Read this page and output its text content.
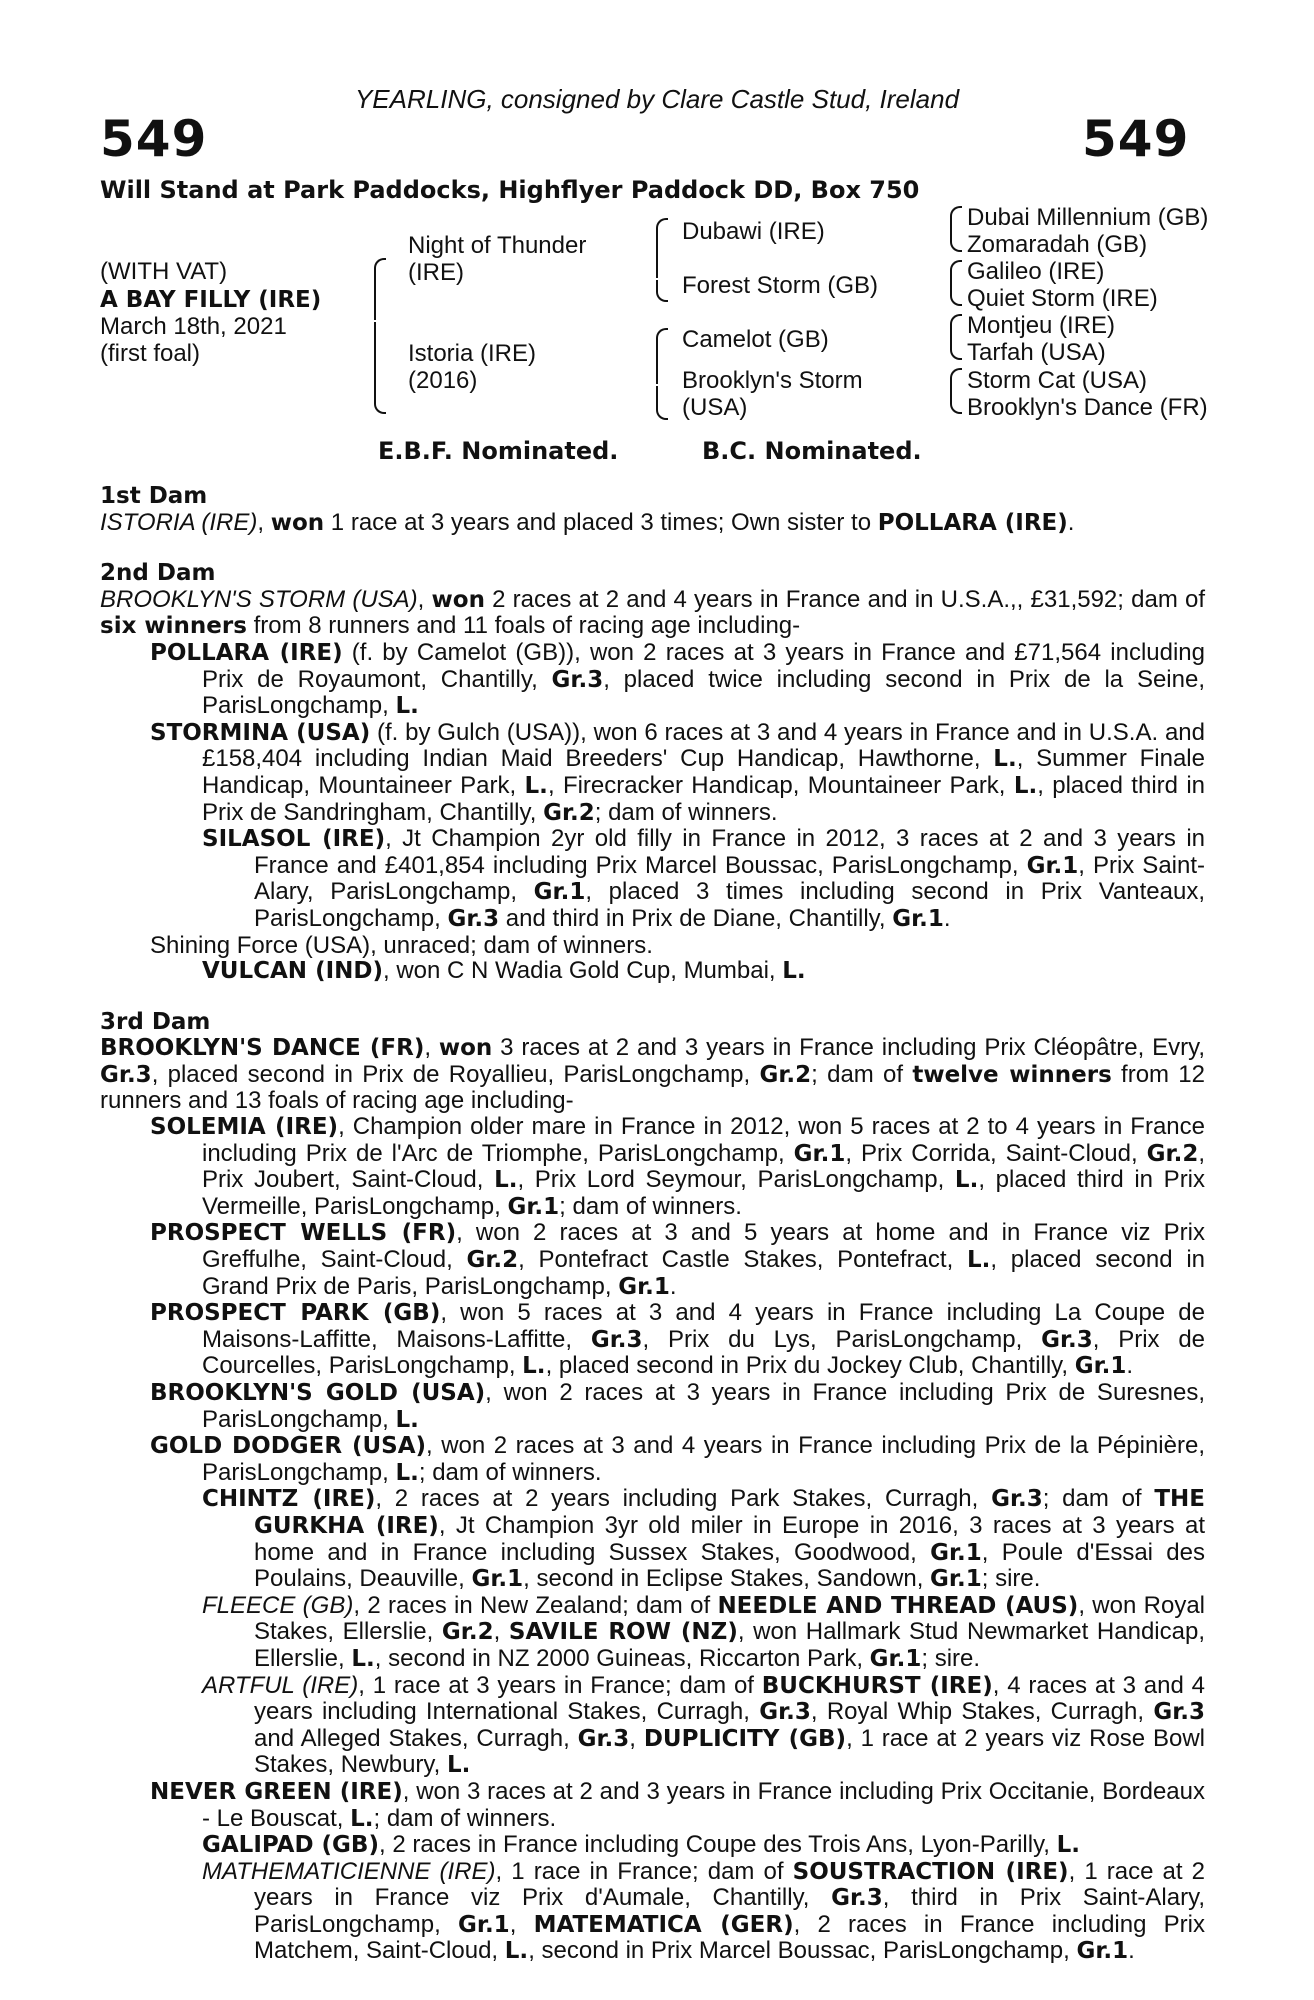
YEARLING, consigned by Clare Castle Stud, Ireland
549	549
Will Stand at Park Paddocks, Highflyer Paddock DD, Box 750
(WITH VAT)
A BAY FILLY (IRE)
March 18th, 2021
(first foal)
Night of Thunder
(IRE)
Istoria (IRE)
(2016)
Dubawi (IRE)
Forest Storm (GB)
Camelot (GB)
Brooklyn's Storm
(USA)
Dubai Millennium (GB)
Zomaradah (GB)
Galileo (IRE)
Quiet Storm (IRE)
Montjeu (IRE)
Tarfah (USA)
Storm Cat (USA)
Brooklyn's Dance (FR)
E.B.F. Nominated.	B.C. Nominated.
1st Dam
ISTORIA (IRE), won 1 race at 3 years and placed 3 times; Own sister to POLLARA (IRE).
2nd Dam
BROOKLYN'S STORM (USA), won 2 races at 2 and 4 years in France and in U.S.A.,, £31,592; dam of six winners from 8 runners and 11 foals of racing age including-
POLLARA (IRE) (f. by Camelot (GB)), won 2 races at 3 years in France and £71,564 including Prix de Royaumont, Chantilly, Gr.3, placed twice including second in Prix de la Seine, ParisLongchamp, L.
STORMINA (USA) (f. by Gulch (USA)), won 6 races at 3 and 4 years in France and in U.S.A. and £158,404 including Indian Maid Breeders' Cup Handicap, Hawthorne, L., Summer Finale Handicap, Mountaineer Park, L., Firecracker Handicap, Mountaineer Park, L., placed third in Prix de Sandringham, Chantilly, Gr.2; dam of winners.
SILASOL (IRE), Jt Champion 2yr old filly in France in 2012, 3 races at 2 and 3 years in France and £401,854 including Prix Marcel Boussac, ParisLongchamp, Gr.1, Prix Saint-Alary, ParisLongchamp, Gr.1, placed 3 times including second in Prix Vanteaux, ParisLongchamp, Gr.3 and third in Prix de Diane, Chantilly, Gr.1.
Shining Force (USA), unraced; dam of winners.
VULCAN (IND), won C N Wadia Gold Cup, Mumbai, L.
3rd Dam
BROOKLYN'S DANCE (FR), won 3 races at 2 and 3 years in France including Prix Cléopâtre, Evry, Gr.3, placed second in Prix de Royallieu, ParisLongchamp, Gr.2; dam of twelve winners from 12 runners and 13 foals of racing age including-
SOLEMIA (IRE), Champion older mare in France in 2012, won 5 races at 2 to 4 years in France including Prix de l'Arc de Triomphe, ParisLongchamp, Gr.1, Prix Corrida, Saint-Cloud, Gr.2, Prix Joubert, Saint-Cloud, L., Prix Lord Seymour, ParisLongchamp, L., placed third in Prix Vermeille, ParisLongchamp, Gr.1; dam of winners.
PROSPECT WELLS (FR), won 2 races at 3 and 5 years at home and in France viz Prix Greffulhe, Saint-Cloud, Gr.2, Pontefract Castle Stakes, Pontefract, L., placed second in Grand Prix de Paris, ParisLongchamp, Gr.1.
PROSPECT PARK (GB), won 5 races at 3 and 4 years in France including La Coupe de Maisons-Laffitte, Maisons-Laffitte, Gr.3, Prix du Lys, ParisLongchamp, Gr.3, Prix de Courcelles, ParisLongchamp, L., placed second in Prix du Jockey Club, Chantilly, Gr.1.
BROOKLYN'S GOLD (USA), won 2 races at 3 years in France including Prix de Suresnes, ParisLongchamp, L.
GOLD DODGER (USA), won 2 races at 3 and 4 years in France including Prix de la Pépinière, ParisLongchamp, L.; dam of winners.
CHINTZ (IRE), 2 races at 2 years including Park Stakes, Curragh, Gr.3; dam of THE GURKHA (IRE), Jt Champion 3yr old miler in Europe in 2016, 3 races at 3 years at home and in France including Sussex Stakes, Goodwood, Gr.1, Poule d'Essai des Poulains, Deauville, Gr.1, second in Eclipse Stakes, Sandown, Gr.1; sire.
FLEECE (GB), 2 races in New Zealand; dam of NEEDLE AND THREAD (AUS), won Royal Stakes, Ellerslie, Gr.2, SAVILE ROW (NZ), won Hallmark Stud Newmarket Handicap, Ellerslie, L., second in NZ 2000 Guineas, Riccarton Park, Gr.1; sire.
ARTFUL (IRE), 1 race at 3 years in France; dam of BUCKHURST (IRE), 4 races at 3 and 4 years including International Stakes, Curragh, Gr.3, Royal Whip Stakes, Curragh, Gr.3 and Alleged Stakes, Curragh, Gr.3, DUPLICITY (GB), 1 race at 2 years viz Rose Bowl Stakes, Newbury, L.
NEVER GREEN (IRE), won 3 races at 2 and 3 years in France including Prix Occitanie, Bordeaux - Le Bouscat, L.; dam of winners.
GALIPAD (GB), 2 races in France including Coupe des Trois Ans, Lyon-Parilly, L.
MATHEMATICIENNE (IRE), 1 race in France; dam of SOUSTRACTION (IRE), 1 race at 2 years in France viz Prix d'Aumale, Chantilly, Gr.3, third in Prix Saint-Alary, ParisLongchamp, Gr.1, MATEMATICA (GER), 2 races in France including Prix Matchem, Saint-Cloud, L., second in Prix Marcel Boussac, ParisLongchamp, Gr.1.
